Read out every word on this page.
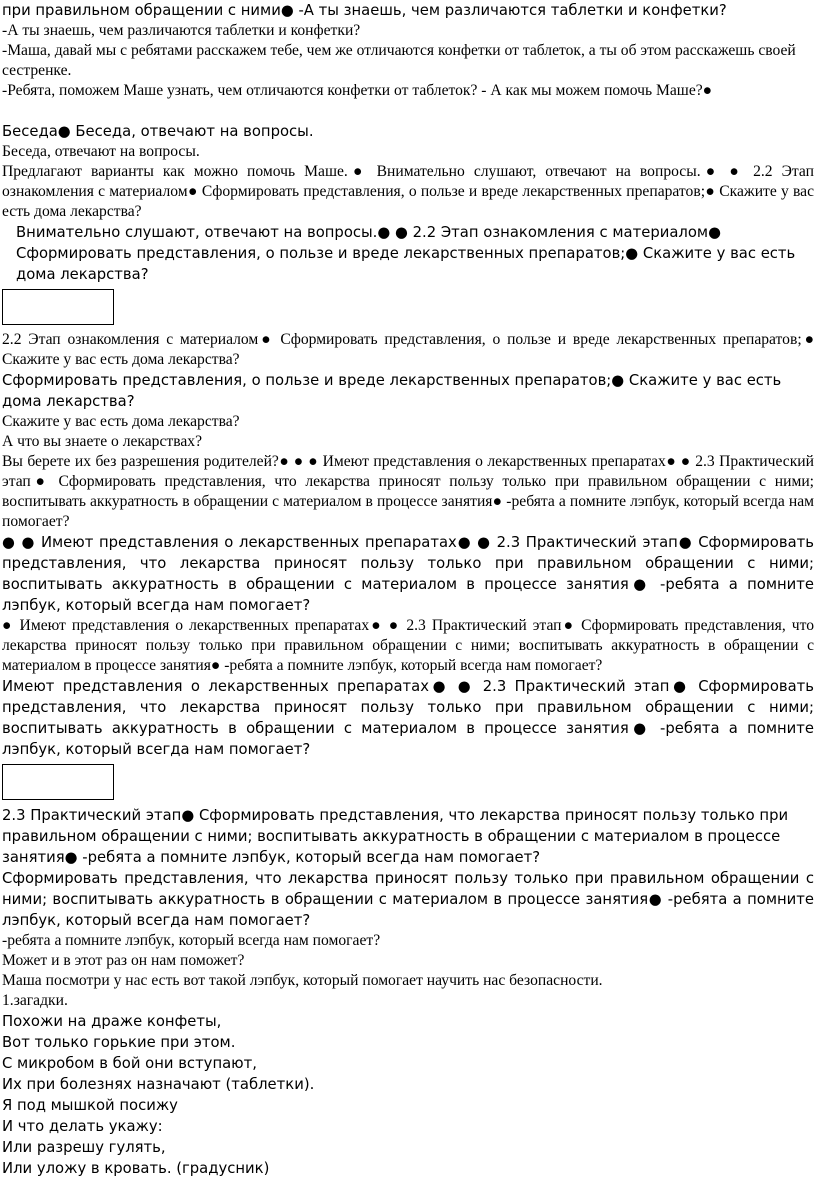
при правильном обращении с ними● -А ты знаешь, чем различаются таблетки и конфетки?

-А ты знаешь, чем различаются таблетки и конфетки?

-Маша, давай мы с ребятами расскажем тебе, чем же отличаются конфетки от таблеток, а ты об этом расскажешь своей сестренке.

-Ребята, поможем Маше узнать, чем отличаются конфетки от таблеток? - А как мы можем помочь Маше?●

Беседа● Беседа, отвечают на вопросы.

Беседа, отвечают на вопросы.

Предлагают варианты как можно помочь Маше.● Внимательно слушают, отвечают на вопросы.● ● 2.2 Этап ознакомления с материалом● Сформировать представления, о пользе и вреде лекарственных препаратов;● Скажите у вас есть дома лекарства?

Внимательно слушают, отвечают на вопросы.● ● 2.2 Этап ознакомления с материалом● Сформировать представления, о пользе и вреде лекарственных препаратов;● Скажите у вас есть дома лекарства?

2.2 Этап ознакомления с материалом● Сформировать представления, о пользе и вреде лекарственных препаратов;● Скажите у вас есть дома лекарства?

Сформировать представления, о пользе и вреде лекарственных препаратов;● Скажите у вас есть дома лекарства?

Скажите у вас есть дома лекарства?

А что вы знаете о лекарствах?

Вы берете их без разрешения родителей?● ● ● Имеют представления о лекарственных препаратах● ● 2.3 Практический этап● Сформировать представления, что лекарства приносят пользу только при правильном обращении с ними; воспитывать аккуратность в обращении с материалом в процессе занятия● -ребята а помните лэпбук, который всегда нам помогает?

● ● Имеют представления о лекарственных препаратах● ● 2.3 Практический этап● Сформировать представления, что лекарства приносят пользу только при правильном обращении с ними; воспитывать аккуратность в обращении с материалом в процессе занятия● -ребята а помните лэпбук, который всегда нам помогает?

● Имеют представления о лекарственных препаратах● ● 2.3 Практический этап● Сформировать представления, что лекарства приносят пользу только при правильном обращении с ними; воспитывать аккуратность в обращении с материалом в процессе занятия● -ребята а помните лэпбук, который всегда нам помогает?

Имеют представления о лекарственных препаратах● ● 2.3 Практический этап● Сформировать представления, что лекарства приносят пользу только при правильном обращении с ними; воспитывать аккуратность в обращении с материалом в процессе занятия● -ребята а помните лэпбук, который всегда нам помогает?

2.3 Практический этап● Сформировать представления, что лекарства приносят пользу только при правильном обращении с ними; воспитывать аккуратность в обращении с материалом в процессе занятия● -ребята а помните лэпбук, который всегда нам помогает?

Сформировать представления, что лекарства приносят пользу только при правильном обращении с ними; воспитывать аккуратность в обращении с материалом в процессе занятия● -ребята а помните лэпбук, который всегда нам помогает?

-ребята а помните лэпбук, который всегда нам помогает?

Может и в этот раз он нам поможет?

Маша посмотри у нас есть вот такой лэпбук, который помогает научить нас безопасности.

1.загадки.

Похожи на драже конфеты,

Вот только горькие при этом.

С микробом в бой они вступают,

Их при болезнях назначают (таблетки).

Я под мышкой посижу

И что делать укажу:

Или разрешу гулять,

Или уложу в кровать. (градусник)
